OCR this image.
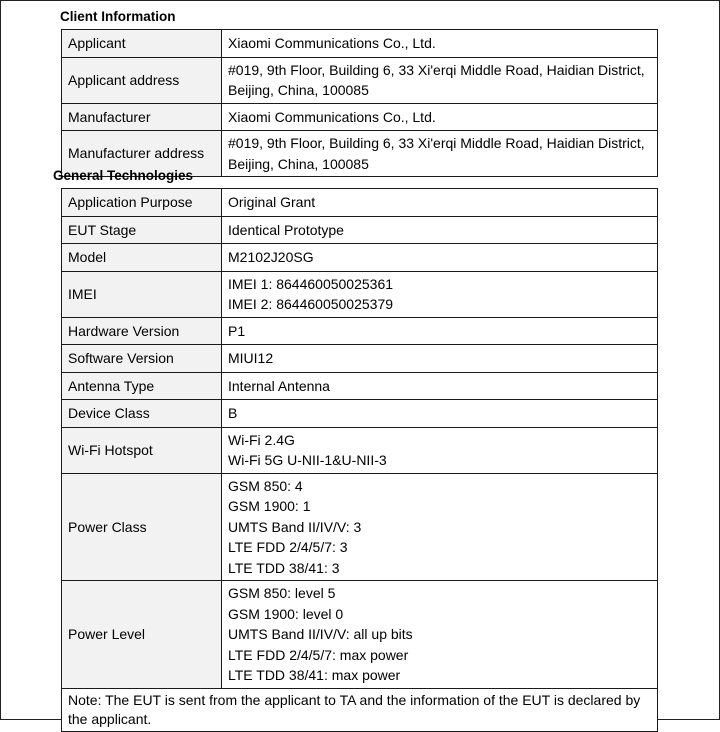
Client Information
Applicant	Xiaomi Communications Co., Ltd.

Applicant address	#019, 9th Floor, Building 6, 33 Xi'erqi Middle Road, Haidian District,
Beijing, China, 100085

Manufacturer	Xiaomi Communications Co., Ltd.

Manufacturer address	#019, 9th Floor, Building 6, 33 Xi'erqi Middle Road, Haidian District,
Beijing, China, 100085
General Technologies
Application Purpose	Original Grant

EUT Stage	Identical Prototype

Model	M2102J20SG

IMEI	IMEI 1: 864460050025361
IMEI 2: 864460050025379

Hardware Version	P1

Software Version	MIUI12

Antenna Type	Internal Antenna

Device Class	B

Wi-Fi Hotspot	Wi-Fi 2.4G
Wi-Fi 5G U-NII-1&U-NII-3

Power Class	GSM 850: 4
GSM 1900: 1
UMTS Band II/IV/V: 3
LTE FDD 2/4/5/7: 3
LTE TDD 38/41: 3

Power Level	GSM 850: level 5
GSM 1900: level 0
UMTS Band II/IV/V: all up bits
LTE FDD 2/4/5/7: max power
LTE TDD 38/41: max power

Note: The EUT is sent from the applicant to TA and the information of the EUT is declared by the applicant.	
